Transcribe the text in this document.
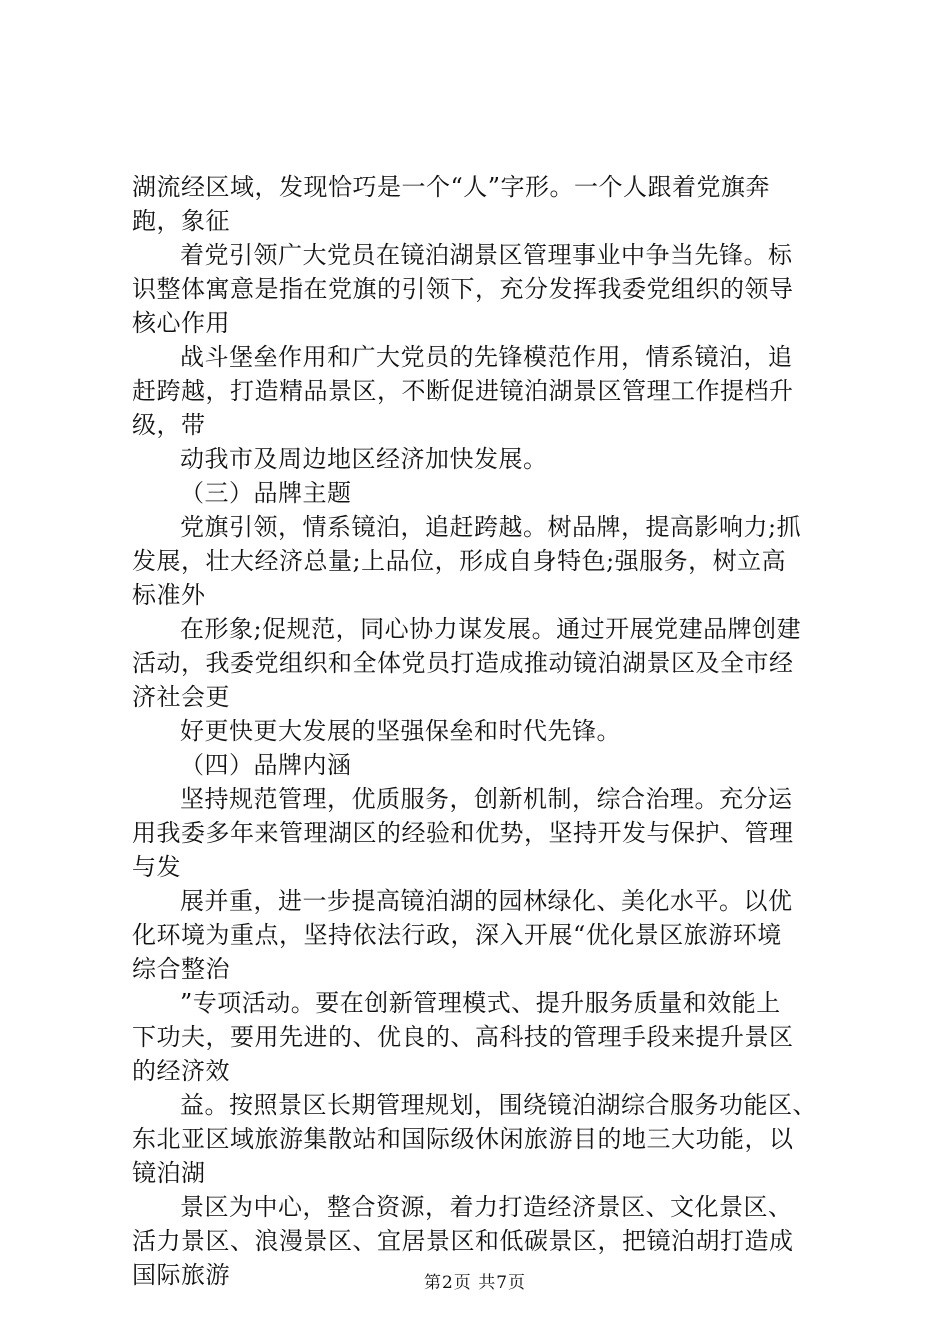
湖流经区域，发现恰巧是一个“人”字形。一个人跟着党旗奔
跑，象征
着党引领广大党员在镜泊湖景区管理事业中争当先锋。标
识整体寓意是指在党旗的引领下，充分发挥我委党组织的领导
核心作用
战斗堡垒作用和广大党员的先锋模范作用，情系镜泊，追
赶跨越，打造精品景区，不断促进镜泊湖景区管理工作提档升
级，带
动我市及周边地区经济加快发展。
（三）品牌主题
党旗引领，情系镜泊，追赶跨越。树品牌，提高影响力;抓
发展，壮大经济总量;上品位，形成自身特色;强服务，树立高
标准外
在形象;促规范，同心协力谋发展。通过开展党建品牌创建
活动，我委党组织和全体党员打造成推动镜泊湖景区及全市经
济社会更
好更快更大发展的坚强保垒和时代先锋。
（四）品牌内涵
坚持规范管理，优质服务，创新机制，综合治理。充分运
用我委多年来管理湖区的经验和优势，坚持开发与保护、管理
与发
展并重，进一步提高镜泊湖的园林绿化、美化水平。以优
化环境为重点，坚持依法行政，深入开展“优化景区旅游环境
综合整治
”专项活动。要在创新管理模式、提升服务质量和效能上
下功夫，要用先进的、优良的、高科技的管理手段来提升景区
的经济效
益。按照景区长期管理规划，围绕镜泊湖综合服务功能区、
东北亚区域旅游集散站和国际级休闲旅游目的地三大功能，以
镜泊湖
景区为中心，整合资源，着力打造经济景区、文化景区、
活力景区、浪漫景区、宜居景区和低碳景区，把镜泊胡打造成
国际旅游	第2页 共7页
